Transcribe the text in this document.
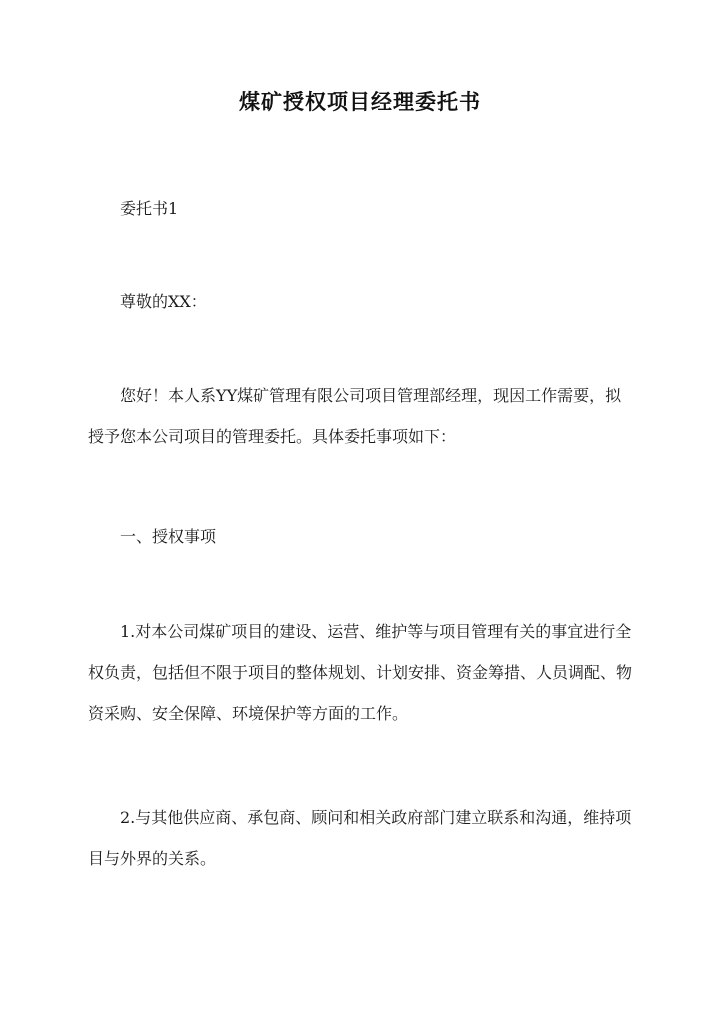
煤矿授权项目经理委托书
委托书1
尊敬的XX：
您好！本人系YY煤矿管理有限公司项目管理部经理，现因工作需要，拟授予您本公司项目的管理委托。具体委托事项如下：
一、授权事项
1.对本公司煤矿项目的建设、运营、维护等与项目管理有关的事宜进行全权负责，包括但不限于项目的整体规划、计划安排、资金筹措、人员调配、物资采购、安全保障、环境保护等方面的工作。
2.与其他供应商、承包商、顾问和相关政府部门建立联系和沟通，维持项目与外界的关系。
